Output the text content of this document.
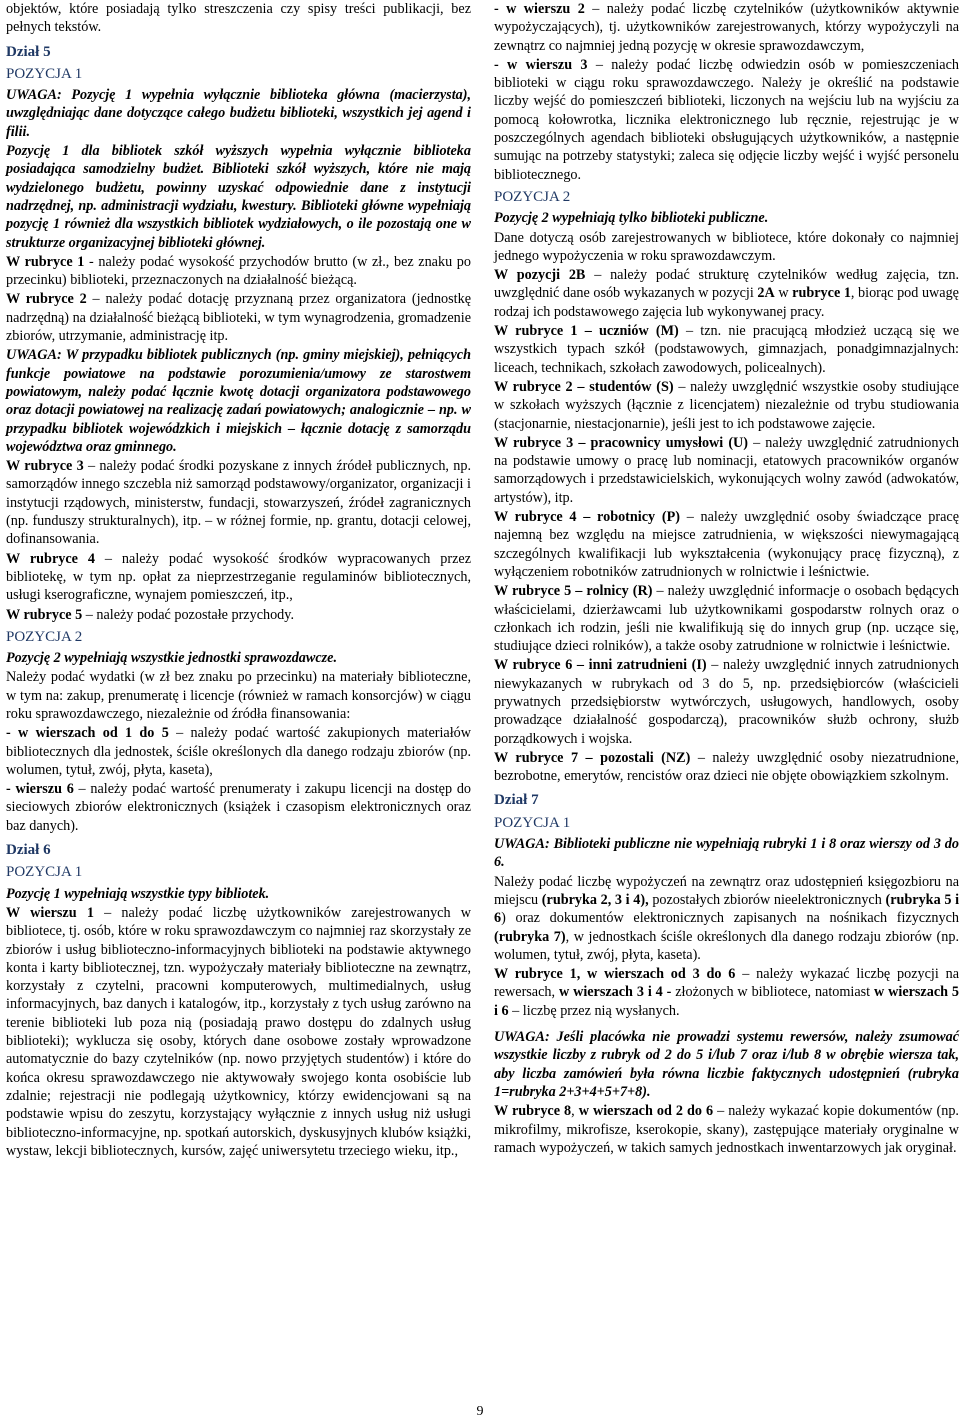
objektów, które posiadają tylko streszczenia czy spisy treści publikacji, bez pełnych tekstów.

Dział 5

POZYCJA 1

UWAGA: Pozycję 1 wypełnia wyłącznie biblioteka główna (macierzysta), uwzględniając dane dotyczące całego budżetu biblioteki, wszystkich jej agend i filii.

Pozycję 1 dla bibliotek szkół wyższych wypełnia wyłącznie biblioteka posiadająca samodzielny budżet. Biblioteki szkół wyższych, które nie mają wydzielonego budżetu, powinny uzyskać odpowiednie dane z instytucji nadrzędnej, np. administracji wydziału, kwestury. Biblioteki główne wypełniają pozycję 1 również dla wszystkich bibliotek wydziałowych, o ile pozostają one w strukturze organizacyjnej biblioteki głównej.

W rubryce 1 - należy podać wysokość przychodów brutto (w zł., bez znaku po przecinku) biblioteki, przeznaczonych na działalność bieżącą.

W rubryce 2 – należy podać dotację przyznaną przez organizatora (jednostkę nadrzędną) na działalność bieżącą biblioteki, w tym wynagrodzenia, gromadzenie zbiorów, utrzymanie, administrację itp.

UWAGA: W przypadku bibliotek publicznych (np. gminy miejskiej), pełniących funkcje powiatowe na podstawie porozumienia/umowy ze starostwem powiatowym, należy podać łącznie kwotę dotacji organizatora podstawowego oraz dotacji powiatowej na realizację zadań powiatowych; analogicznie – np. w przypadku bibliotek wojewódzkich i miejskich – łącznie dotację z samorządu województwa oraz gminnego.

W rubryce 3 – należy podać środki pozyskane z innych źródeł publicznych, np. samorządów innego szczebla niż samorząd podstawowy/organizator, organizacji i instytucji rządowych, ministerstw, fundacji, stowarzyszeń, źródeł zagranicznych (np. funduszy strukturalnych), itp. – w różnej formie, np. grantu, dotacji celowej, dofinansowania.

W rubryce 4 – należy podać wysokość środków wypracowanych przez bibliotekę, w tym np. opłat za nieprzestrzeganie regulaminów bibliotecznych, usługi kserograficzne, wynajem pomieszczeń, itp.,

W rubryce 5 – należy podać pozostałe przychody.

POZYCJA 2

Pozycję 2 wypełniają wszystkie jednostki sprawozdawcze.

Należy podać wydatki (w zł bez znaku po przecinku) na materiały biblioteczne, w tym na: zakup, prenumeratę i licencje (również w ramach konsorcjów) w ciągu roku sprawozdawczego, niezależnie od źródła finansowania:

- w wierszach od 1 do 5 – należy podać wartość zakupionych materiałów bibliotecznych dla jednostek, ściśle określonych dla danego rodzaju zbiorów (np. wolumen, tytuł, zwój, płyta, kaseta),

- wierszu 6 – należy podać wartość prenumeraty i zakupu licencji na dostęp do sieciowych zbiorów elektronicznych (książek i czasopism elektronicznych oraz baz danych).

Dział 6

POZYCJA 1

Pozycję 1 wypełniają wszystkie typy bibliotek.

W wierszu 1 – należy podać liczbę użytkowników zarejestrowanych w bibliotece, tj. osób, które w roku sprawozdawczym co najmniej raz skorzystały ze zbiorów i usług biblioteczno-informacyjnych biblioteki na podstawie aktywnego konta i karty bibliotecznej, tzn. wypożyczały materiały biblioteczne na zewnątrz, korzystały z czytelni, pracowni komputerowych, multimedialnych, usług informacyjnych, baz danych i katalogów, itp., korzystały z tych usług zarówno na terenie biblioteki lub poza nią (posiadają prawo dostępu do zdalnych usług biblioteki); wyklucza się osoby, których dane osobowe zostały wprowadzone automatycznie do bazy czytelników (np. nowo przyjętych studentów) i które do końca okresu sprawozdawczego nie aktywowały swojego konta osobiście lub zdalnie; rejestracji nie podlegają użytkownicy, którzy ewidencjowani są na podstawie wpisu do zeszytu, korzystający wyłącznie z innych usług niż usługi biblioteczno-informacyjne, np. spotkań autorskich, dyskusyjnych klubów książki, wystaw, lekcji bibliotecznych, kursów, zajęć uniwersytetu trzeciego wieku, itp.,

- w wierszu 2 – należy podać liczbę czytelników (użytkowników aktywnie wypożyczających), tj. użytkowników zarejestrowanych, którzy wypożyczyli na zewnątrz co najmniej jedną pozycję w okresie sprawozdawczym,

- w wierszu 3 – należy podać liczbę odwiedzin osób w pomieszczeniach biblioteki w ciągu roku sprawozdawczego. Należy je określić na podstawie liczby wejść do pomieszczeń biblioteki, liczonych na wejściu lub na wyjściu za pomocą kołowrotka, licznika elektronicznego lub ręcznie, rejestrując je w poszczególnych agendach biblioteki obsługujących użytkowników, a następnie sumując na potrzeby statystyki; zaleca się odjęcie liczby wejść i wyjść personelu bibliotecznego.

POZYCJA 2

Pozycję 2 wypełniają tylko biblioteki publiczne.

Dane dotyczą osób zarejestrowanych w bibliotece, które dokonały co najmniej jednego wypożyczenia w roku sprawozdawczym.

W pozycji 2B – należy podać strukturę czytelników według zajęcia, tzn. uwzględnić dane osób wykazanych w pozycji 2A w rubryce 1, biorąc pod uwagę rodzaj ich podstawowego zajęcia lub wykonywanej pracy.

W rubryce 1 – uczniów (M) – tzn. nie pracującą młodzież uczącą się we wszystkich typach szkół (podstawowych, gimnazjach, ponadgimnazjalnych: liceach, technikach, szkołach zawodowych, policealnych).

W rubryce 2 – studentów (S) – należy uwzględnić wszystkie osoby studiujące w szkołach wyższych (łącznie z licencjatem) niezależnie od trybu studiowania (stacjonarnie, niestacjonarnie), jeśli jest to ich podstawowe zajęcie.

W rubryce 3 – pracownicy umysłowi (U) – należy uwzględnić zatrudnionych na podstawie umowy o pracę lub nominacji, etatowych pracowników organów samorządowych i przedstawicielskich, wykonujących wolny zawód (adwokatów, artystów), itp.

W rubryce 4 – robotnicy (P) – należy uwzględnić osoby świadczące pracę najemną bez względu na miejsce zatrudnienia, w większości niewymagającą szczególnych kwalifikacji lub wykształcenia (wykonujący pracę fizyczną), z wyłączeniem robotników zatrudnionych w rolnictwie i leśnictwie.

W rubryce 5 – rolnicy (R) – należy uwzględnić informacje o osobach będących właścicielami, dzierżawcami lub użytkownikami gospodarstw rolnych oraz o członkach ich rodzin, jeśli nie kwalifikują się do innych grup (np. uczące się, studiujące dzieci rolników), a także osoby zatrudnione w rolnictwie i leśnictwie.

W rubryce 6 – inni zatrudnieni (I) – należy uwzględnić innych zatrudnionych niewykazanych w rubrykach od 3 do 5, np. przedsiębiorców (właścicieli prywatnych przedsiębiorstw wytwórczych, usługowych, handlowych, osoby prowadzące działalność gospodarczą), pracowników służb ochrony, służb porządkowych i wojska.

W rubryce 7 – pozostali (NZ) – należy uwzględnić osoby niezatrudnione, bezrobotne, emerytów, rencistów oraz dzieci nie objęte obowiązkiem szkolnym.

Dział 7

POZYCJA 1

UWAGA: Biblioteki publiczne nie wypełniają rubryki 1 i 8 oraz wierszy od 3 do 6.

Należy podać liczbę wypożyczeń na zewnątrz oraz udostępnień księgozbioru na miejscu (rubryka 2, 3 i 4), pozostałych zbiorów nieelektronicznych (rubryka 5 i 6) oraz dokumentów elektronicznych zapisanych na nośnikach fizycznych (rubryka 7), w jednostkach ściśle określonych dla danego rodzaju zbiorów (np. wolumen, tytuł, zwój, płyta, kaseta).

W rubryce 1, w wierszach od 3 do 6 – należy wykazać liczbę pozycji na rewersach, w wierszach 3 i 4 - złożonych w bibliotece, natomiast w wierszach 5 i 6 – liczbę przez nią wysłanych.

UWAGA: Jeśli placówka nie prowadzi systemu rewersów, należy zsumować wszystkie liczby z rubryk od 2 do 5 i/lub 7 oraz i/lub 8 w obrębie wiersza tak, aby liczba zamówień była równa liczbie faktycznych udostępnień (rubryka 1=rubryka 2+3+4+5+7+8).

W rubryce 8, w wierszach od 2 do 6 – należy wykazać kopie dokumentów (np. mikrofilmy, mikrofisze, kserokopie, skany), zastępujące materiały oryginalne w ramach wypożyczeń, w takich samych jednostkach inwentarzowych jak oryginał.

9
